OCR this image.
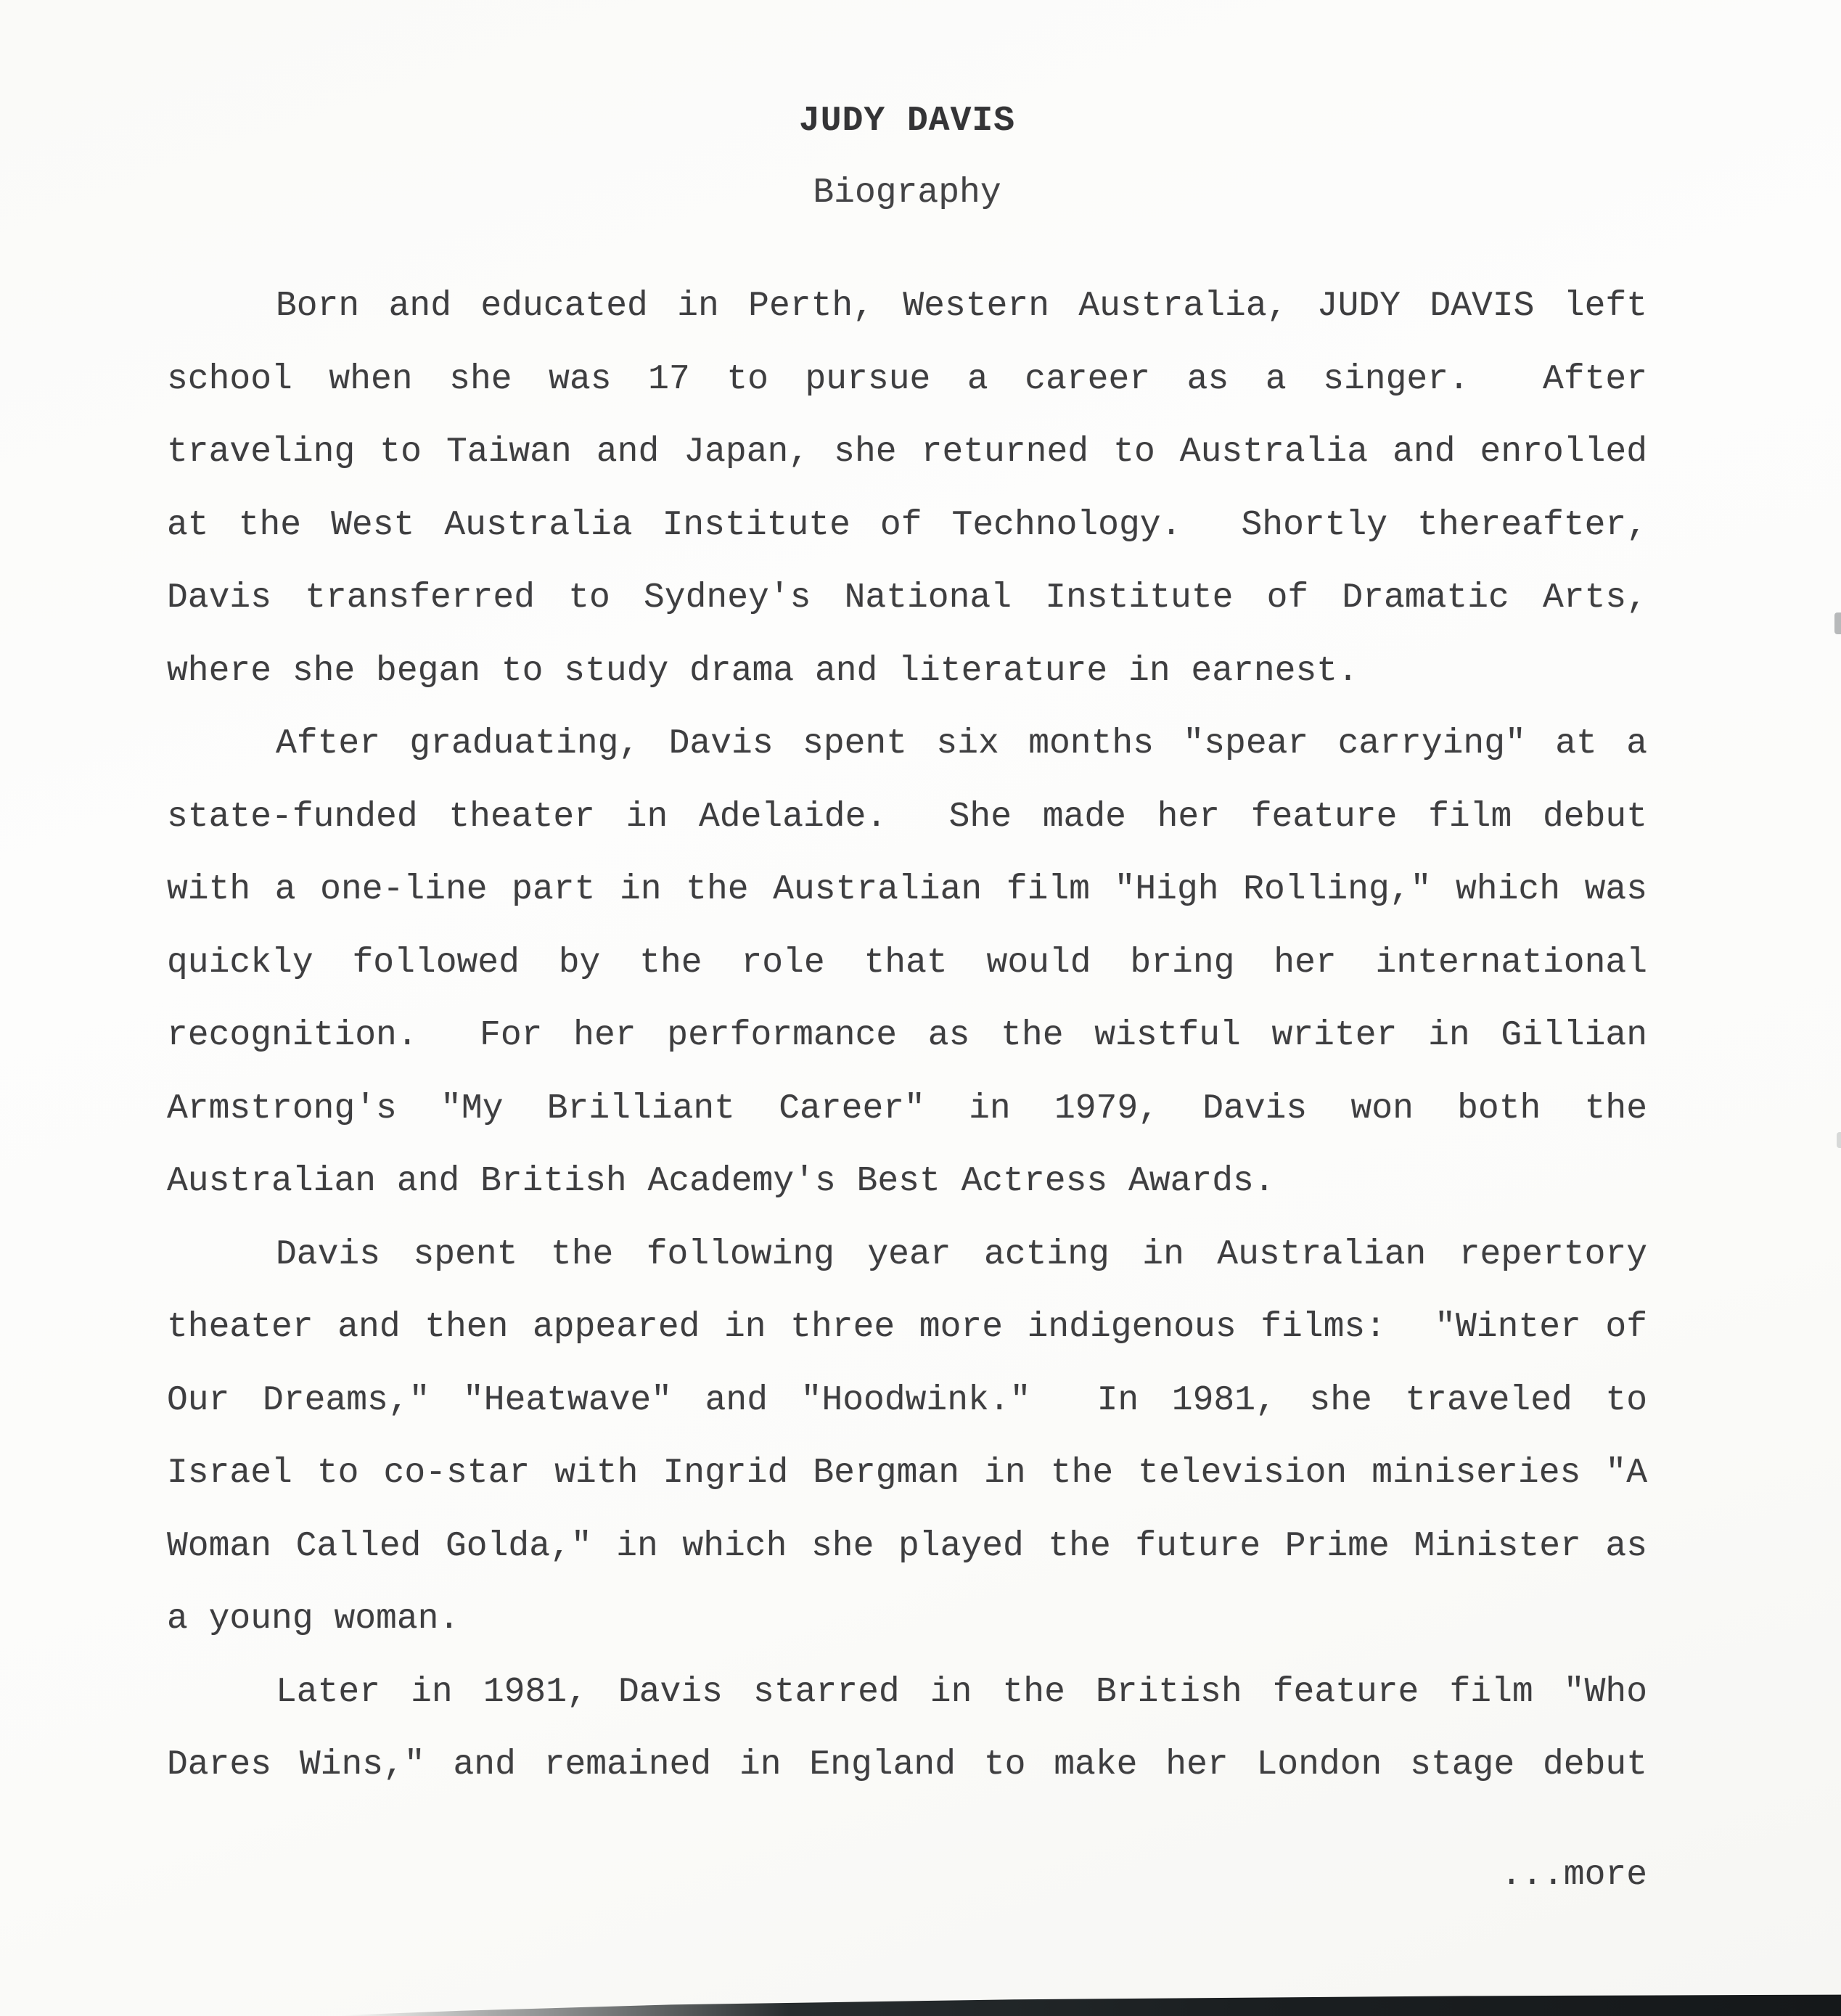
JUDY DAVIS
Biography
Born and educated in Perth, Western Australia, JUDY DAVIS left
school when she was 17 to pursue a career as a singer.  After
traveling to Taiwan and Japan, she returned to Australia and enrolled
at the West Australia Institute of Technology.  Shortly thereafter,
Davis transferred to Sydney's National Institute of Dramatic Arts,
where she began to study drama and literature in earnest.
After graduating, Davis spent six months "spear carrying" at a
state-funded theater in Adelaide.  She made her feature film debut
with a one-line part in the Australian film "High Rolling," which was
quickly followed by the role that would bring her international
recognition.  For her performance as the wistful writer in Gillian
Armstrong's "My Brilliant Career" in 1979, Davis won both the
Australian and British Academy's Best Actress Awards.
Davis spent the following year acting in Australian repertory
theater and then appeared in three more indigenous films:  "Winter of
Our Dreams," "Heatwave" and "Hoodwink."  In 1981, she traveled to
Israel to co-star with Ingrid Bergman in the television miniseries "A
Woman Called Golda," in which she played the future Prime Minister as
a young woman.
Later in 1981, Davis starred in the British feature film "Who
Dares Wins," and remained in England to make her London stage debut
...more
